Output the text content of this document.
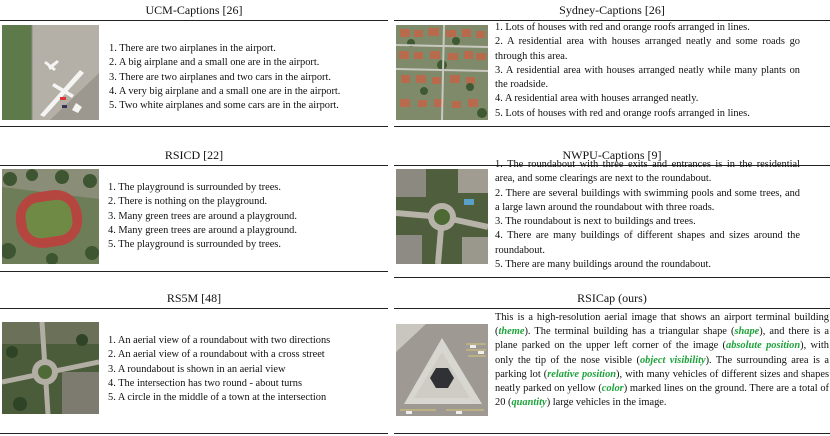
UCM-Captions [26]
1. There are two airplanes in the airport.
2. A big airplane and a small one are in the airport.
3. There are two airplanes and two cars in the airport.
4. A very big airplane and a small one are in the airport.
5. Two white airplanes and some cars are in the airport.
Sydney-Captions [26]
1. Lots of houses with red and orange roofs arranged in lines.
2. A residential area with houses arranged neatly and some roads go through this area.
3. A residential area with houses arranged neatly while many plants on the roadside.
4. A residential area with houses arranged neatly.
5. Lots of houses with red and orange roofs arranged in lines.
RSICD [22]
1. The playground is surrounded by trees.
2. There is nothing on the playground.
3. Many green trees are around a playground.
4. Many green trees are around a playground.
5. The playground is surrounded by trees.
NWPU-Captions [9]
1. The roundabout with three exits and entrances is in the residential area, and some clearings are next to the roundabout.
2. There are several buildings with swimming pools and some trees, and a large lawn around the roundabout with three roads.
3. The roundabout is next to buildings and trees.
4. There are many buildings of different shapes and sizes around the roundabout.
5. There are many buildings around the roundabout.
RS5M [48]
1. An aerial view of a roundabout with two directions
2. An aerial view of a roundabout with a cross street
3. A roundabout is shown in an aerial view
4. The intersection has two round - about turns
5. A circle in the middle of a town at the intersection
RSICap (ours)
This is a high-resolution aerial image that shows an airport terminal building (theme). The terminal building has a triangular shape (shape), and there is a plane parked on the upper left corner of the image (absolute position), with only the tip of the nose visible (object visibility). The surrounding area is a parking lot (relative position), with many vehicles of different sizes and shapes neatly parked on yellow (color) marked lines on the ground. There are a total of 20 (quantity) large vehicles in the image.
